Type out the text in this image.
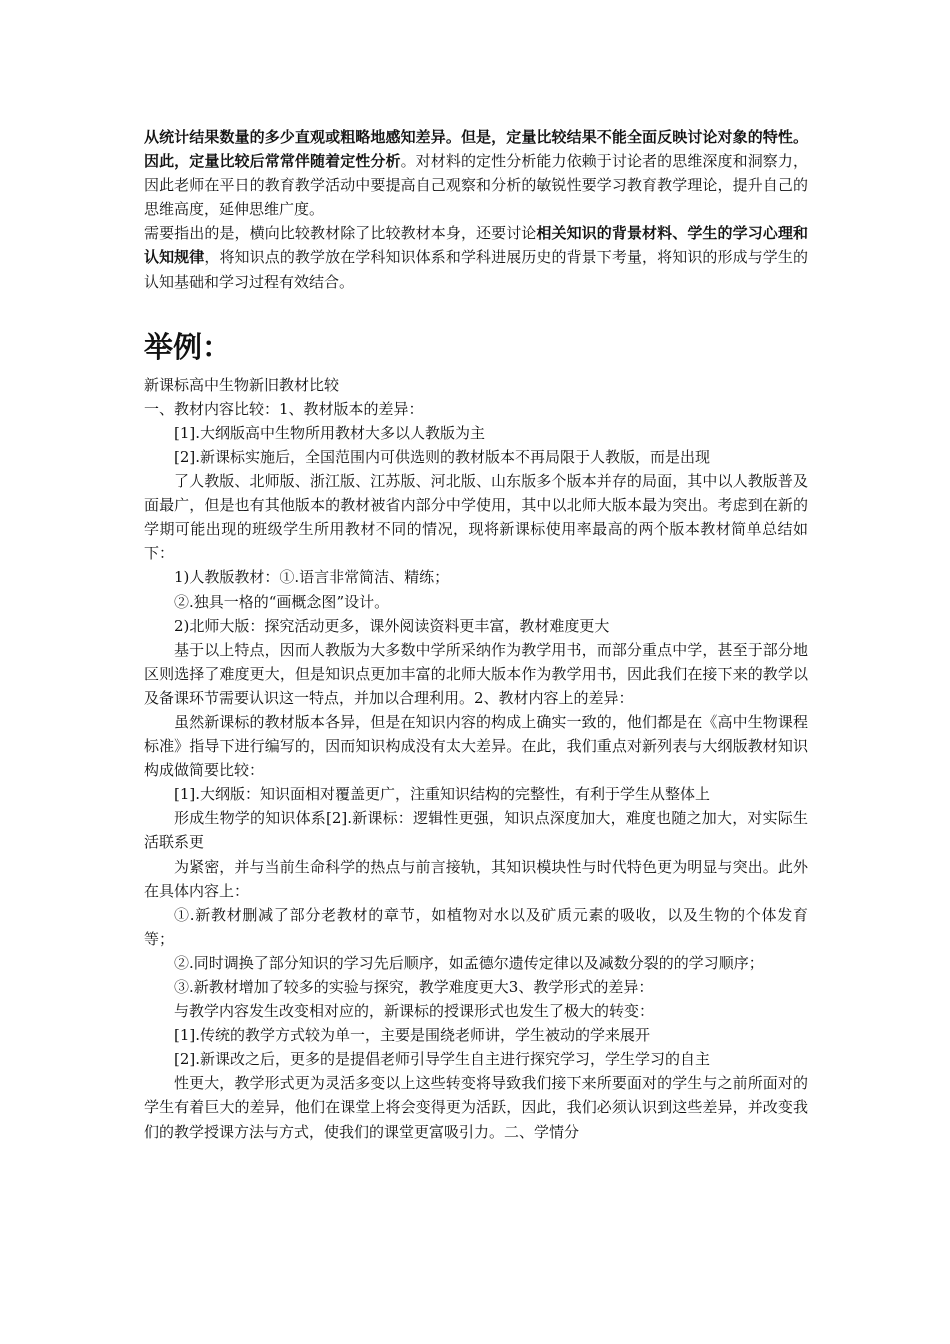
从统计结果数量的多少直观或粗略地感知差异。但是，定量比较结果不能全面反映讨论对象的特性。因此，定量比较后常常伴随着定性分析。对材料的定性分析能力依赖于讨论者的思维深度和洞察力，因此老师在平日的教育教学活动中要提高自己观察和分析的敏锐性要学习教育教学理论，提升自己的思维高度，延伸思维广度。

需要指出的是，横向比较教材除了比较教材本身，还要讨论相关知识的背景材料、学生的学习心理和认知规律，将知识点的教学放在学科知识体系和学科进展历史的背景下考量，将知识的形成与学生的认知基础和学习过程有效结合。

举例：

新课标高中生物新旧教材比较

一、教材内容比较：1、教材版本的差异：

[1].大纲版高中生物所用教材大多以人教版为主

[2].新课标实施后，全国范围内可供选则的教材版本不再局限于人教版，而是出现

了人教版、北师版、浙江版、江苏版、河北版、山东版多个版本并存的局面，其中以人教版普及面最广，但是也有其他版本的教材被省内部分中学使用，其中以北师大版本最为突出。考虑到在新的学期可能出现的班级学生所用教材不同的情况，现将新课标使用率最高的两个版本教材简单总结如下：

1)人教版教材：①.语言非常简洁、精练；

②.独具一格的“画概念图”设计。

2)北师大版：探究活动更多，课外阅读资料更丰富，教材难度更大

基于以上特点，因而人教版为大多数中学所采纳作为教学用书，而部分重点中学，甚至于部分地区则选择了难度更大，但是知识点更加丰富的北师大版本作为教学用书，因此我们在接下来的教学以及备课环节需要认识这一特点，并加以合理利用。2、教材内容上的差异：

虽然新课标的教材版本各异，但是在知识内容的构成上确实一致的，他们都是在《高中生物课程标准》指导下进行编写的，因而知识构成没有太大差异。在此，我们重点对新列表与大纲版教材知识构成做简要比较：

[1].大纲版：知识面相对覆盖更广，注重知识结构的完整性，有利于学生从整体上

形成生物学的知识体系[2].新课标：逻辑性更强，知识点深度加大，难度也随之加大，对实际生活联系更

为紧密，并与当前生命科学的热点与前言接轨，其知识模块性与时代特色更为明显与突出。此外在具体内容上：

①.新教材删减了部分老教材的章节，如植物对水以及矿质元素的吸收，以及生物的个体发育等；

②.同时调换了部分知识的学习先后顺序，如孟德尔遗传定律以及减数分裂的的学习顺序；

③.新教材增加了较多的实验与探究，教学难度更大3、教学形式的差异：

与教学内容发生改变相对应的，新课标的授课形式也发生了极大的转变：

[1].传统的教学方式较为单一，主要是围绕老师讲，学生被动的学来展开

[2].新课改之后，更多的是提倡老师引导学生自主进行探究学习，学生学习的自主

性更大，教学形式更为灵活多变以上这些转变将导致我们接下来所要面对的学生与之前所面对的学生有着巨大的差异，他们在课堂上将会变得更为活跃，因此，我们必须认识到这些差异，并改变我们的教学授课方法与方式，使我们的课堂更富吸引力。二、学情分
